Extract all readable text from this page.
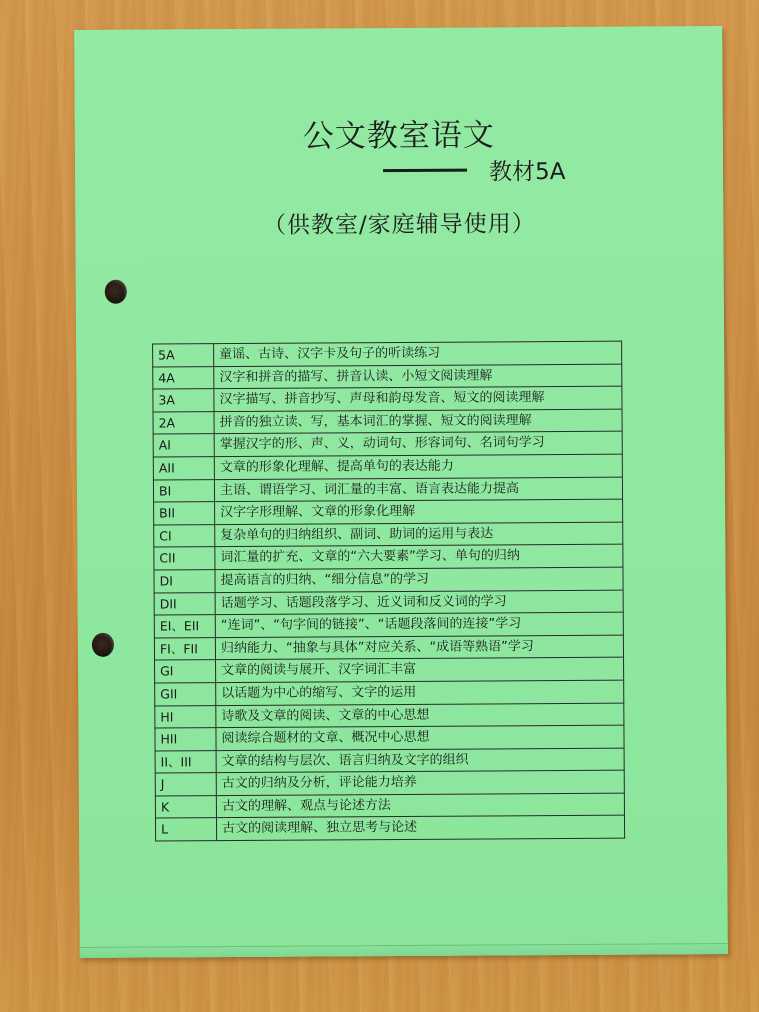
公文教室语文
教材5A
（供教室/家庭辅导使用）
5A	童谣、古诗、汉字卡及句子的听读练习
4A	汉字和拼音的描写、拼音认读、小短文阅读理解
3A	汉字描写、拼音抄写、声母和韵母发音、短文的阅读理解
2A	拼音的独立读、写，基本词汇的掌握、短文的阅读理解
AI	掌握汉字的形、声、义，动词句、形容词句、名词句学习
AII	文章的形象化理解、提高单句的表达能力
BI	主语、谓语学习、词汇量的丰富、语言表达能力提高
BII	汉字字形理解、文章的形象化理解
CI	复杂单句的归纳组织、副词、助词的运用与表达
CII	词汇量的扩充、文章的“六大要素”学习、单句的归纳
DI	提高语言的归纳、“细分信息”的学习
DII	话题学习、话题段落学习、近义词和反义词的学习
EI、EII	“连词”、“句字间的链接”、“话题段落间的连接”学习
FI、FII	归纳能力、“抽象与具体”对应关系、“成语等熟语”学习
GI	文章的阅读与展开、汉字词汇丰富
GII	以话题为中心的缩写、文字的运用
HI	诗歌及文章的阅读、文章的中心思想
HII	阅读综合题材的文章、概况中心思想
II、III	文章的结构与层次、语言归纳及文字的组织
J	古文的归纳及分析，评论能力培养
K	古文的理解、观点与论述方法
L	古文的阅读理解、独立思考与论述
